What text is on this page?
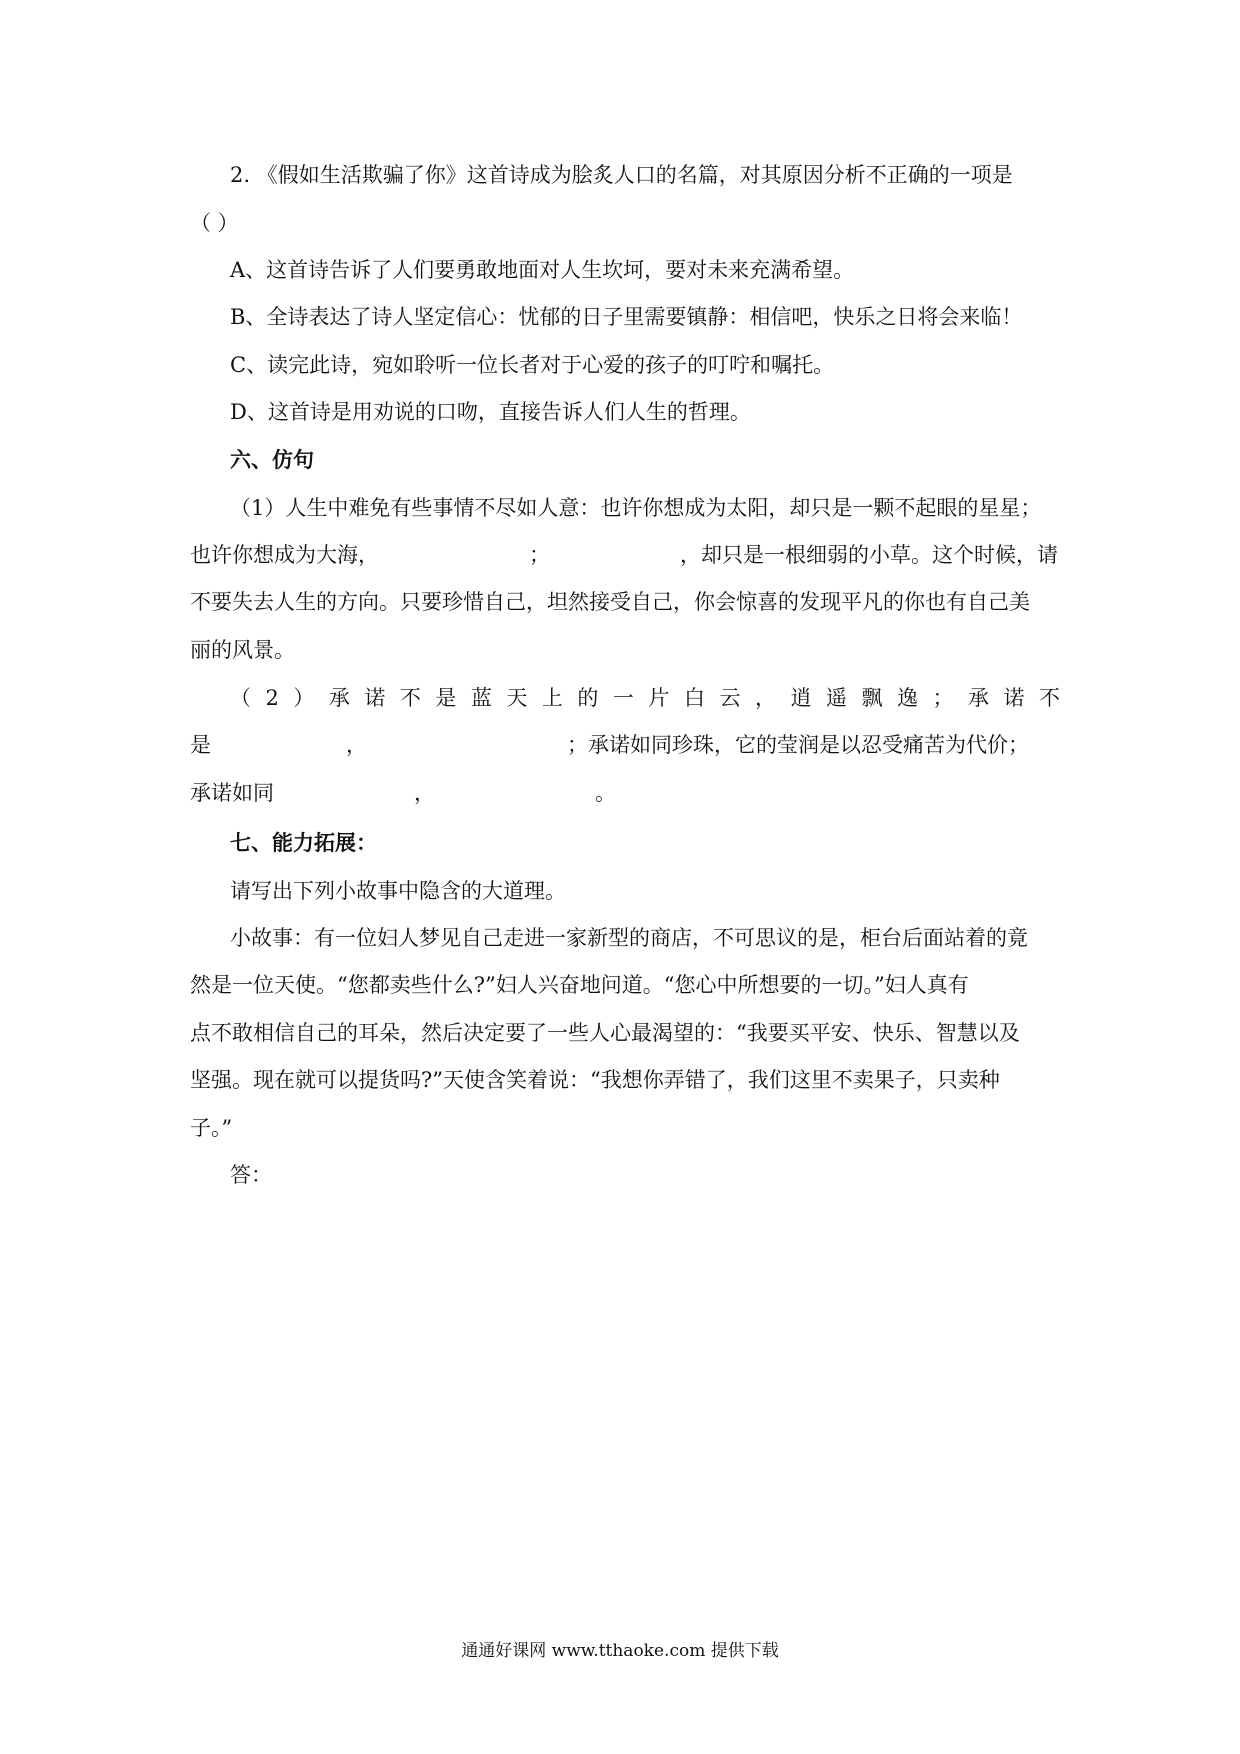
2. 《假如生活欺骗了你》这首诗成为脍炙人口的名篇，对其原因分析不正确的一项是
（ ）
A、这首诗告诉了人们要勇敢地面对人生坎坷，要对未来充满希望。
B、全诗表达了诗人坚定信心：忧郁的日子里需要镇静：相信吧，快乐之日将会来临！
C、读完此诗，宛如聆听一位长者对于心爱的孩子的叮咛和嘱托。
D、这首诗是用劝说的口吻，直接告诉人们人生的哲理。
六、仿句
（1）人生中难免有些事情不尽如人意：也许你想成为太阳，却只是一颗不起眼的星星；
也许你想成为大海，	；	，却只是一根细弱的小草。这个时候，请
不要失去人生的方向。只要珍惜自己，坦然接受自己，你会惊喜的发现平凡的你也有自己美
丽的风景。
（2）承诺不是蓝天上的一片白云，逍遥飘逸；承诺不
是	，	；承诺如同珍珠，它的莹润是以忍受痛苦为代价；
承诺如同	，	。
七、能力拓展：
请写出下列小故事中隐含的大道理。
小故事：有一位妇人梦见自己走进一家新型的商店，不可思议的是，柜台后面站着的竟
然是一位天使。“您都卖些什么?”妇人兴奋地问道。“您心中所想要的一切。”妇人真有
点不敢相信自己的耳朵，然后决定要了一些人心最渴望的：“我要买平安、快乐、智慧以及
坚强。现在就可以提货吗?”天使含笑着说：“我想你弄错了，我们这里不卖果子，只卖种
子。”
答：
通通好课网 www.tthaoke.com 提供下载
